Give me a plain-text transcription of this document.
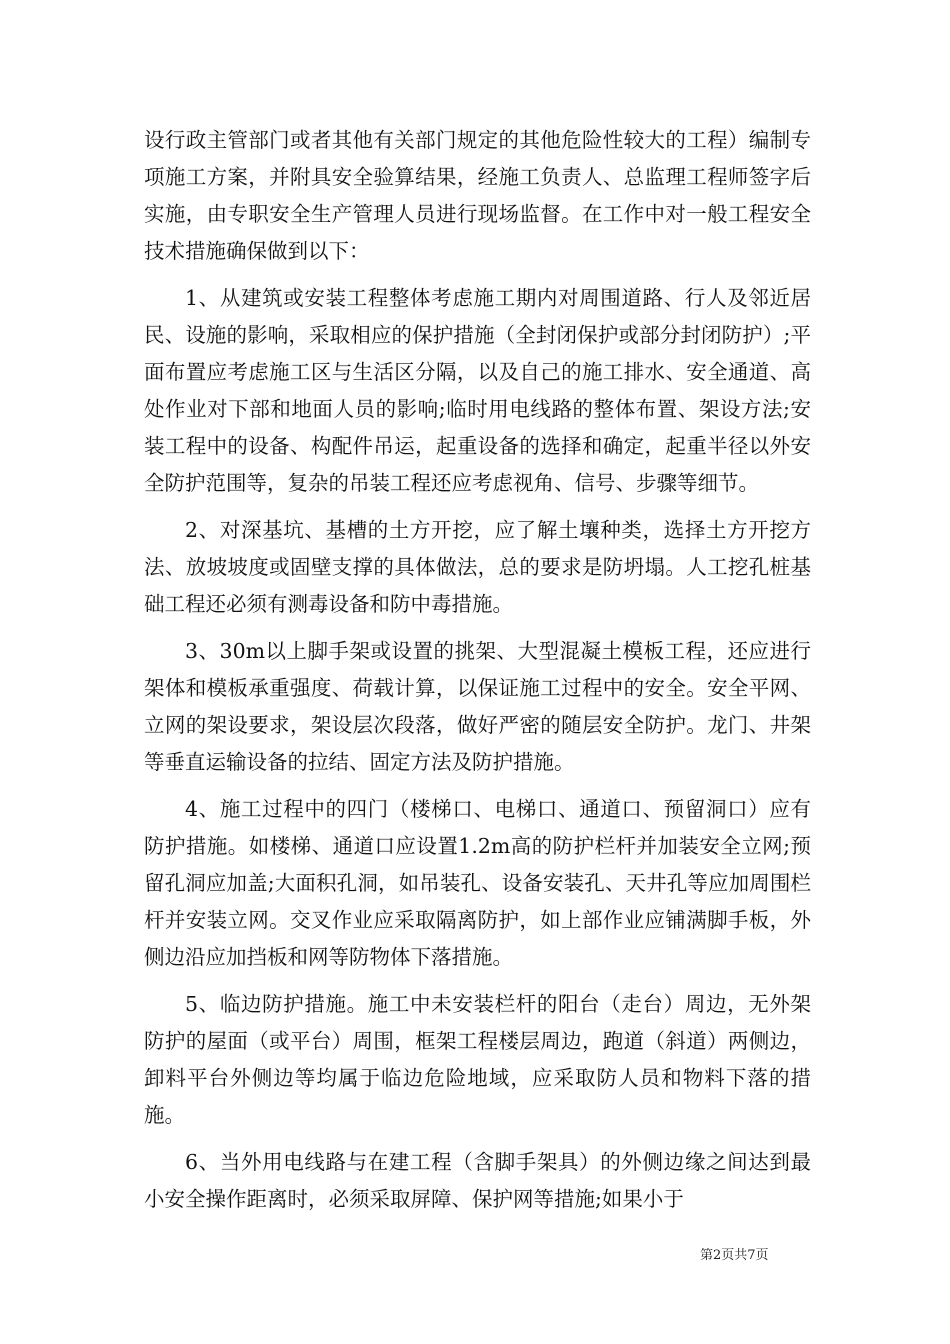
设行政主管部门或者其他有关部门规定的其他危险性较大的工程）编制专项施工方案，并附具安全验算结果，经施工负责人、总监理工程师签字后实施，由专职安全生产管理人员进行现场监督。在工作中对一般工程安全技术措施确保做到以下：

1、从建筑或安装工程整体考虑施工期内对周围道路、行人及邻近居民、设施的影响，采取相应的保护措施（全封闭保护或部分封闭防护）;平面布置应考虑施工区与生活区分隔，以及自己的施工排水、安全通道、高处作业对下部和地面人员的影响;临时用电线路的整体布置、架设方法;安装工程中的设备、构配件吊运，起重设备的选择和确定，起重半径以外安全防护范围等，复杂的吊装工程还应考虑视角、信号、步骤等细节。

2、对深基坑、基槽的土方开挖，应了解土壤种类，选择土方开挖方法、放坡坡度或固壁支撑的具体做法，总的要求是防坍塌。人工挖孔桩基础工程还必须有测毒设备和防中毒措施。

3、30m以上脚手架或设置的挑架、大型混凝土模板工程，还应进行架体和模板承重强度、荷载计算，以保证施工过程中的安全。安全平网、立网的架设要求，架设层次段落，做好严密的随层安全防护。龙门、井架等垂直运输设备的拉结、固定方法及防护措施。

4、施工过程中的四门（楼梯口、电梯口、通道口、预留洞口）应有防护措施。如楼梯、通道口应设置1.2m高的防护栏杆并加装安全立网;预留孔洞应加盖;大面积孔洞，如吊装孔、设备安装孔、天井孔等应加周围栏杆并安装立网。交叉作业应采取隔离防护，如上部作业应铺满脚手板，外侧边沿应加挡板和网等防物体下落措施。

5、临边防护措施。施工中未安装栏杆的阳台（走台）周边，无外架防护的屋面（或平台）周围，框架工程楼层周边，跑道（斜道）两侧边，卸料平台外侧边等均属于临边危险地域，应采取防人员和物料下落的措施。

6、当外用电线路与在建工程（含脚手架具）的外侧边缘之间达到最小安全操作距离时，必须采取屏障、保护网等措施;如果小于

第2页共7页
